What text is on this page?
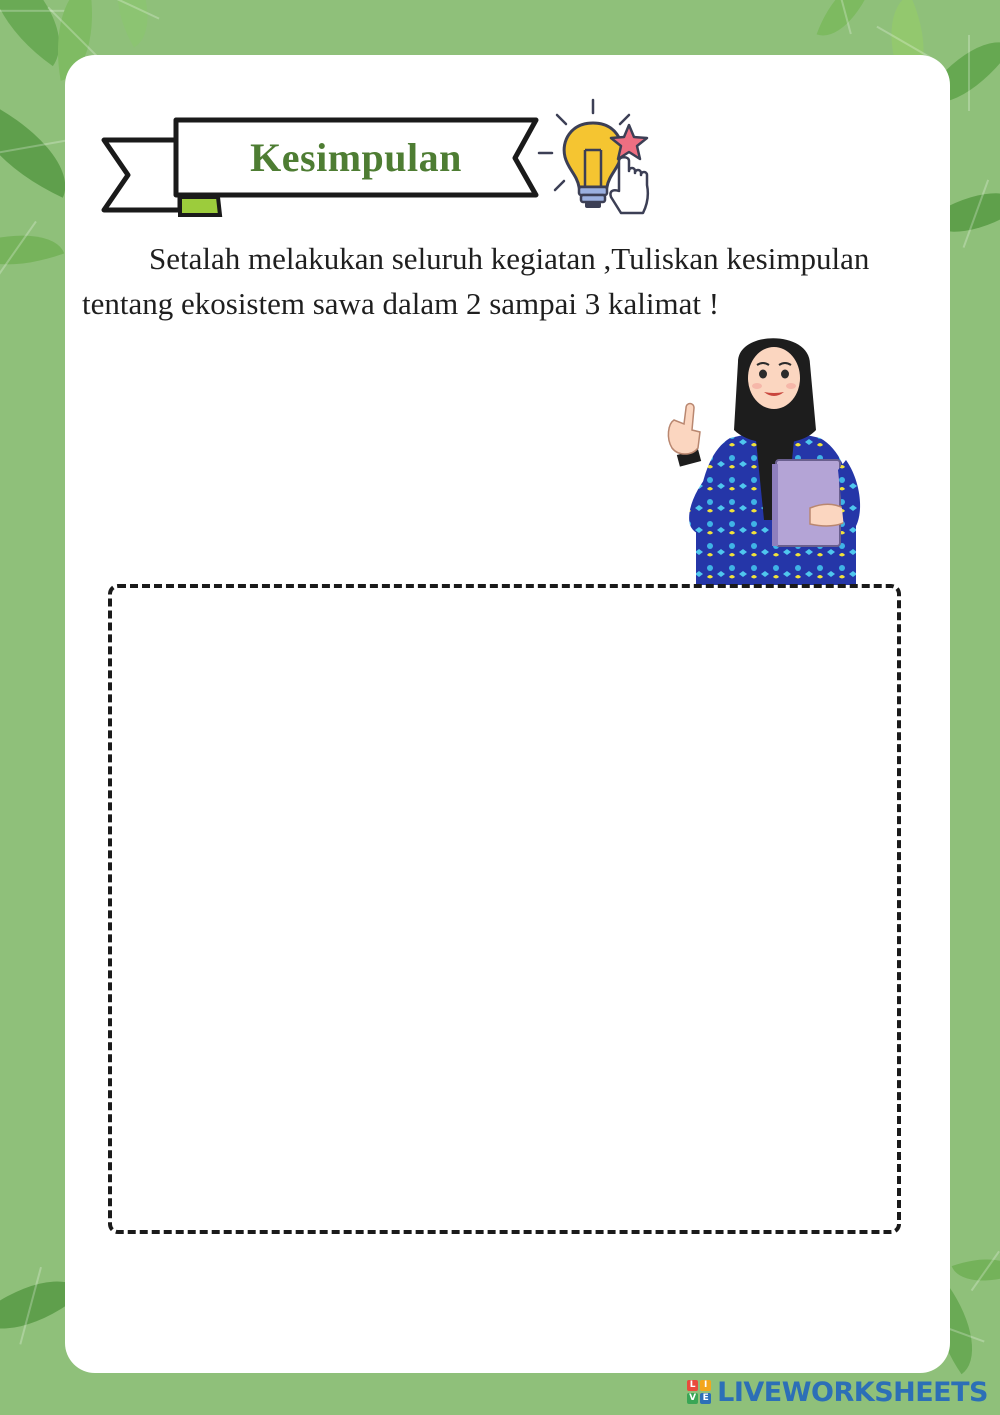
Kesimpulan
Setalah melakukan seluruh kegiatan ,Tuliskan kesimpulan tentang ekosistem sawa dalam 2 sampai 3 kalimat !
L I
V E LIVEWORKSHEETS
